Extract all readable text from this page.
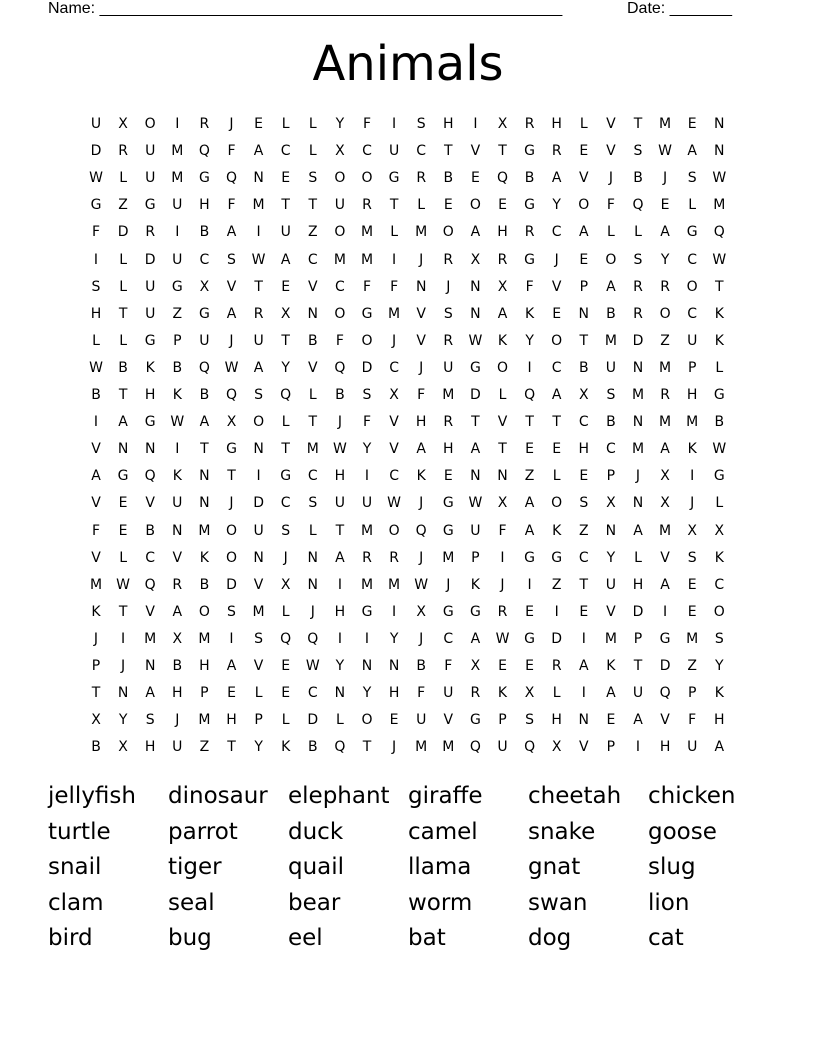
Name: ____________________________________________________	Date: _______
Animals
U	X	O	I	R	J	E	L	L	Y	F	I	S	H	I	X	R	H	L	V	T	M	E	N
D	R	U	M	Q	F	A	C	L	X	C	U	C	T	V	T	G	R	E	V	S	W	A	N
W	L	U	M	G	Q	N	E	S	O	O	G	R	B	E	Q	B	A	V	J	B	J	S	W
G	Z	G	U	H	F	M	T	T	U	R	T	L	E	O	E	G	Y	O	F	Q	E	L	M
F	D	R	I	B	A	I	U	Z	O	M	L	M	O	A	H	R	C	A	L	L	A	G	Q
I	L	D	U	C	S	W	A	C	M M	I	J	R	X	R	G	J	E	O	S	Y	C	W
S	L	U	G	X	V	T	E	V	C	F	F	N	J	N	X	F	V	P	A	R	R	O	T
H	T	U	Z	G	A	R	X	N	O	G	M	V	S	N	A	K	E	N	B	R	O	C	K
L	L	G	P	U	J	U	T	B	F	O	J	V	R	W	K	Y	O	T	M	D	Z	U	K
W	B	K	B	Q	W	A	Y	V	Q	D	C	J	U	G	O	I	C	B	U	N	M	P	L
B	T	H	K	B	Q	S	Q	L	B	S	X	F	M	D	L	Q	A	X	S	M	R	H	G
I	A	G	W	A	X	O	L	T	J	F	V	H	R	T	V	T	T	C	B	N	M M	B
V	N	N	I	T	G	N	T	M W	Y	V	A	H	A	T	E	E	H	C	M	A	K	W
A	G	Q	K	N	T	I	G	C	H	I	C	K	E	N	N	Z	L	E	P	J	X	I	G
V	E	V	U	N	J	D	C	S	U	U	W	J	G	W	X	A	O	S	X	N	X	J	L
F	E	B	N	M	O	U	S	L	T	M	O	Q	G	U	F	A	K	Z	N	A	M	X	X
V	L	C	V	K	O	N	J	N	A	R	R	J	M	P	I	G	G	C	Y	L	V	S	K
M W	Q	R	B	D	V	X	N	I	M M W	J	K	J	I	Z	T	U	H	A	E	C
K	T	V	A	O	S	M	L	J	H	G	I	X	G	G	R	E	I	E	V	D	I	E	O
J	I	M	X	M	I	S	Q	Q	I	I	Y	J	C	A	W	G	D	I	M	P	G	M	S
P	J	N	B	H	A	V	E	W	Y	N	N	B	F	X	E	E	R	A	K	T	D	Z	Y
T	N	A	H	P	E	L	E	C	N	Y	H	F	U	R	K	X	L	I	A	U	Q	P	K
X	Y	S	J	M	H	P	L	D	L	O	E	U	V	G	P	S	H	N	E	A	V	F	H
B	X	H	U	Z	T	Y	K	B	Q	T	J	M M	Q	U	Q	X	V	P	I	H	U	A
jellyfish dinosaur elephant giraffe cheetah chicken
turtle parrot duck	camel snake goose
snail	tiger	quail	llama gnat	slug
clam	seal	bear	worm swan	lion
bird	bug	eel	bat	dog	cat
